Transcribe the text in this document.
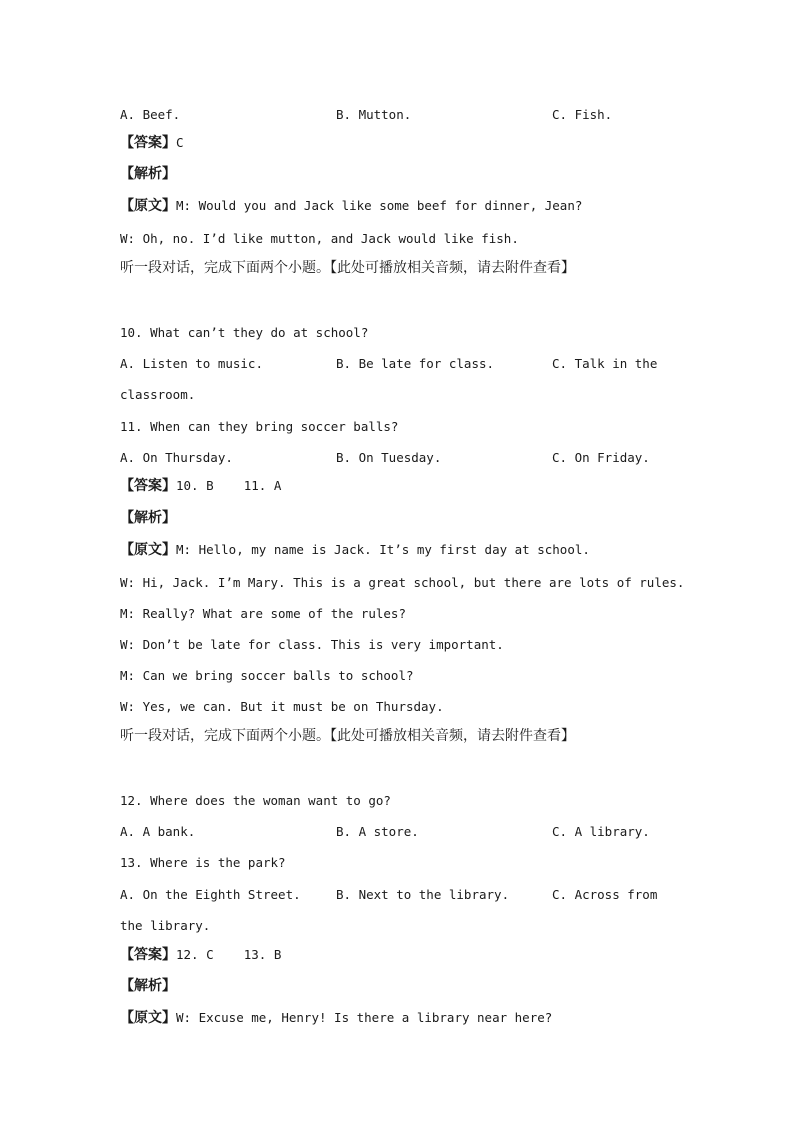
A. Beef.

	B. Mutton.

	C. Fish.

【答案】C
【解析】
【原文】M: Would you and Jack like some beef for dinner, Jean?
W: Oh, no. I’d like mutton, and Jack would like fish.
听一段对话，完成下面两个小题。【此处可播放相关音频，请去附件查看】
10. What can’t they do at school?

A. Listen to music.

	B. Be late for class.

	C. Talk in the

classroom.
11. When can they bring soccer balls?

A. On Thursday.

	B. On Tuesday.

	C. On Friday.

【答案】10. B    11. A
【解析】
【原文】M: Hello, my name is Jack. It’s my first day at school.
W: Hi, Jack. I’m Mary. This is a great school, but there are lots of rules.
M: Really? What are some of the rules?
W: Don’t be late for class. This is very important.
M: Can we bring soccer balls to school?
W: Yes, we can. But it must be on Thursday.
听一段对话，完成下面两个小题。【此处可播放相关音频，请去附件查看】
12. Where does the woman want to go?

A. A bank.

	B. A store.

	C. A library.

13. Where is the park?

A. On the Eighth Street.

	B. Next to the library.

	C. Across from

the library.
【答案】12. C    13. B
【解析】
【原文】W: Excuse me, Henry! Is there a library near here?
